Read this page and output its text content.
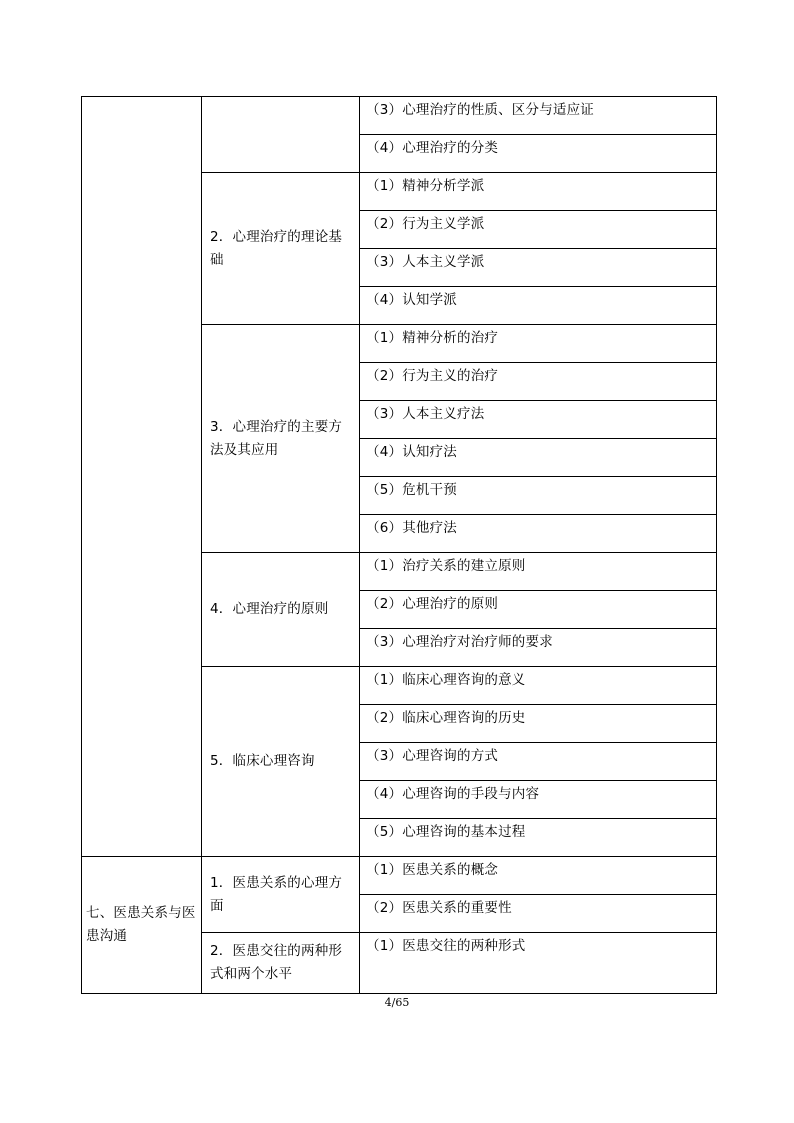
		（3）心理治疗的性质、区分与适应证
		（4）心理治疗的分类
	2．心理治疗的理论基础	（1）精神分析学派
		（2）行为主义学派
		（3）人本主义学派
		（4）认知学派
	3．心理治疗的主要方法及其应用	（1）精神分析的治疗
		（2）行为主义的治疗
		（3）人本主义疗法
		（4）认知疗法
		（5）危机干预
		（6）其他疗法
	4．心理治疗的原则	（1）治疗关系的建立原则
		（2）心理治疗的原则
		（3）心理治疗对治疗师的要求
	5．临床心理咨询	（1）临床心理咨询的意义
		（2）临床心理咨询的历史
		（3）心理咨询的方式
		（4）心理咨询的手段与内容
		（5）心理咨询的基本过程
七、医患关系与医患沟通	1．医患关系的心理方面	（1）医患关系的概念
		（2）医患关系的重要性
	2．医患交往的两种形式和两个水平	（1）医患交往的两种形式
4/65
